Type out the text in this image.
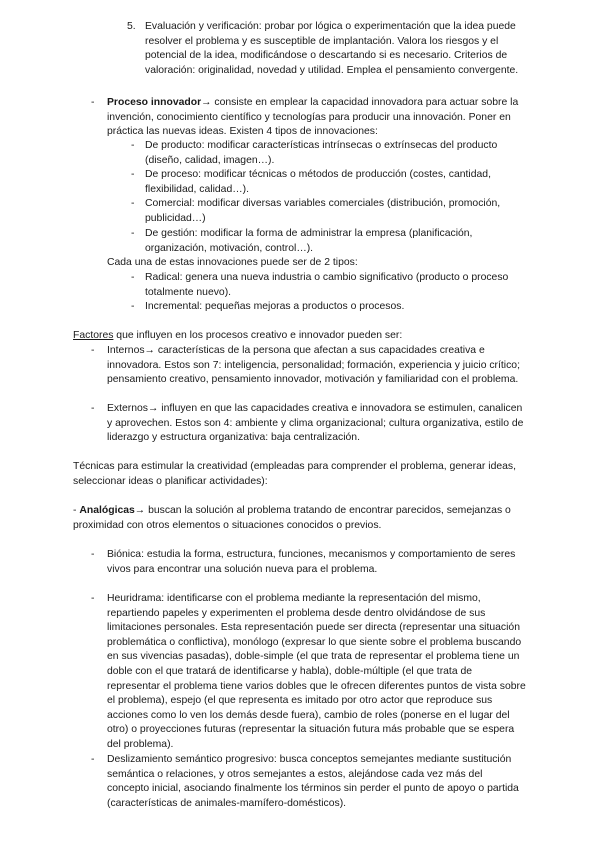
5. Evaluación y verificación: probar por lógica o experimentación que la idea puede resolver el problema y es susceptible de implantación. Valora los riesgos y el potencial de la idea, modificándose o descartando si es necesario. Criterios de valoración: originalidad, novedad y utilidad. Emplea el pensamiento convergente.

- Proceso innovador→ consiste en emplear la capacidad innovadora para actuar sobre la invención, conocimiento científico y tecnologías para producir una innovación. Poner en práctica las nuevas ideas. Existen 4 tipos de innovaciones:

- De producto: modificar características intrínsecas o extrínsecas del producto (diseño, calidad, imagen…).

- De proceso: modificar técnicas o métodos de producción (costes, cantidad, flexibilidad, calidad…).

- Comercial: modificar diversas variables comerciales (distribución, promoción, publicidad…)

- De gestión: modificar la forma de administrar la empresa (planificación, organización, motivación, control…).

Cada una de estas innovaciones puede ser de 2 tipos:

- Radical: genera una nueva industria o cambio significativo (producto o proceso totalmente nuevo).

- Incremental: pequeñas mejoras a productos o procesos.

Factores que influyen en los procesos creativo e innovador pueden ser:

- Internos→ características de la persona que afectan a sus capacidades creativa e innovadora. Estos son 7: inteligencia, personalidad; formación, experiencia y juicio crítico; pensamiento creativo, pensamiento innovador, motivación y familiaridad con el problema.

- Externos→ influyen en que las capacidades creativa e innovadora se estimulen, canalicen y aprovechen. Estos son 4: ambiente y clima organizacional; cultura organizativa, estilo de liderazgo y estructura organizativa: baja centralización.

Técnicas para estimular la creatividad (empleadas para comprender el problema, generar ideas, seleccionar ideas o planificar actividades):

- Analógicas→ buscan la solución al problema tratando de encontrar parecidos, semejanzas o proximidad con otros elementos o situaciones conocidos o previos.

- Biónica: estudia la forma, estructura, funciones, mecanismos y comportamiento de seres vivos para encontrar una solución nueva para el problema.

- Heuridrama: identificarse con el problema mediante la representación del mismo, repartiendo papeles y experimenten el problema desde dentro olvidándose de sus limitaciones personales. Esta representación puede ser directa (representar una situación problemática o conflictiva), monólogo (expresar lo que siente sobre el problema buscando en sus vivencias pasadas), doble-simple (el que trata de representar el problema tiene un doble con el que tratará de identificarse y habla), doble-múltiple (el que trata de representar el problema tiene varios dobles que le ofrecen diferentes puntos de vista sobre el problema), espejo (el que representa es imitado por otro actor que reproduce sus acciones como lo ven los demás desde fuera), cambio de roles (ponerse en el lugar del otro) o proyecciones futuras (representar la situación futura más probable que se espera del problema).

- Deslizamiento semántico progresivo: busca conceptos semejantes mediante sustitución semántica o relaciones, y otros semejantes a estos, alejándose cada vez más del concepto inicial, asociando finalmente los términos sin perder el punto de apoyo o partida (características de animales-mamífero-domésticos).
